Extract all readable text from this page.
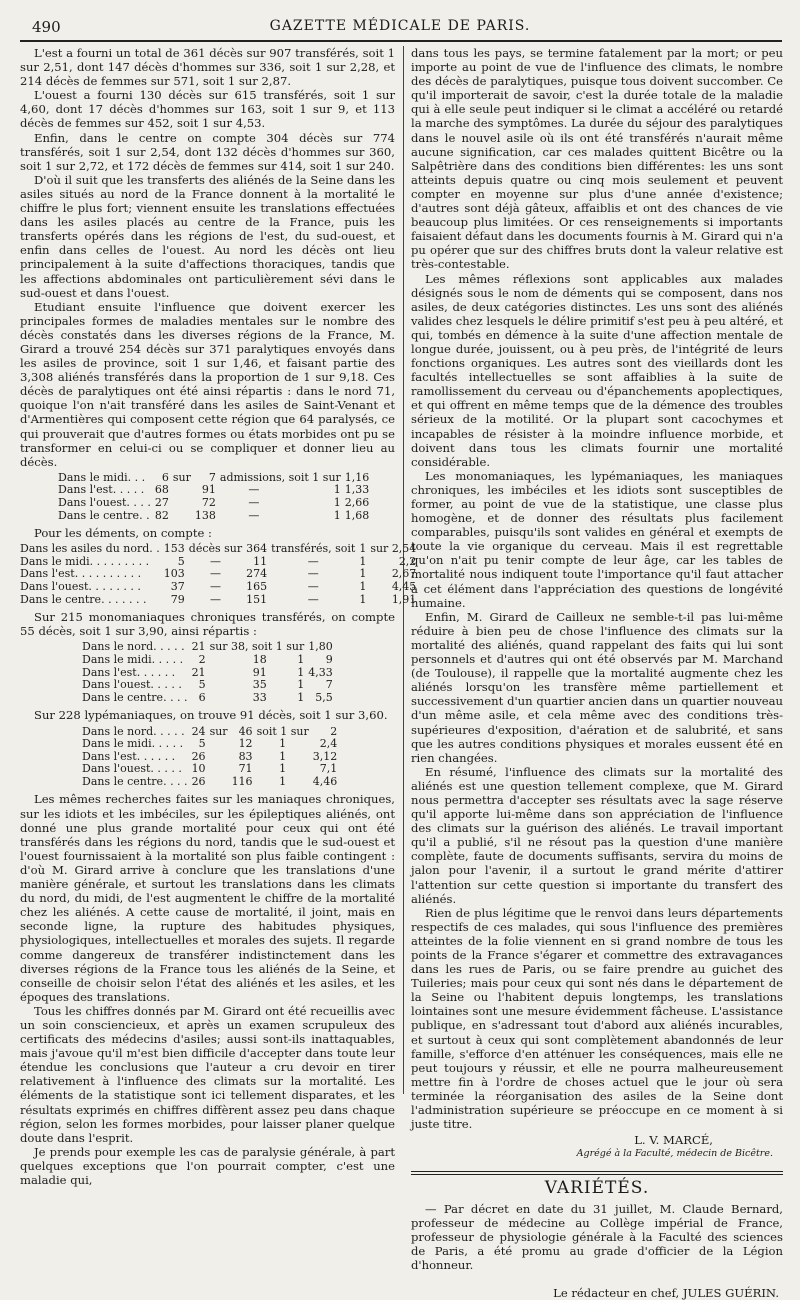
490	GAZETTE MÉDICALE DE PARIS.

L'est a fourni un total de 361 décès sur 907 transférés, soit 1 sur 2,51, dont 147 décès d'hommes sur 336, soit 1 sur 2,28, et 214 décès de femmes sur 571, soit 1 sur 2,87.

L'ouest a fourni 130 décès sur 615 transférés, soit 1 sur 4,60, dont 17 décès d'hommes sur 163, soit 1 sur 9, et 113 décès de femmes sur 452, soit 1 sur 4,53.

Enfin, dans le centre on compte 304 décès sur 774 transférés, soit 1 sur 2,54, dont 132 décès d'hommes sur 360, soit 1 sur 2,72, et 172 décès de femmes sur 414, soit 1 sur 240.

D'où il suit que les transferts des aliénés de la Seine dans les asiles situés au nord de la France donnent à la mortalité le chiffre le plus fort; viennent ensuite les translations effectuées dans les asiles placés au centre de la France, puis les transferts opérés dans les régions de l'est, du sud-ouest, et enfin dans celles de l'ouest. Au nord les décès ont lieu principalement à la suite d'affections thoraciques, tandis que les affections abdominales ont particulièrement sévi dans le sud-ouest et dans l'ouest.

Etudiant ensuite l'influence que doivent exercer les principales formes de maladies mentales sur le nombre des décès constatés dans les diverses régions de la France, M. Girard a trouvé 254 décès sur 371 paralytiques envoyés dans les asiles de province, soit 1 sur 1,46, et faisant partie des 3,308 aliénés transférés dans la proportion de 1 sur 9,18. Ces décès de paralytiques ont été ainsi répartis : dans le nord 71, quoique l'on n'ait transféré dans les asiles de Saint-Venant et d'Armentières qui composent cette région que 64 paralysés, ce qui prouverait que d'autres formes ou états morbides ont pu se transformer en celui-ci ou se compliquer et donner lieu au décès.

Dans le midi. . .	6	sur	7	admissions, soit 1 sur		1,16
Dans l'est. . . . .	68		91	—	1	1,33
Dans l'ouest. . . .	27		72	—	1	2,66
Dans le centre. .	82		138	—	1	1,68

Pour les déments, on compte :

Dans les asiles du nord. .	153	décès sur	364	transférés, soit	1	sur 2,54
Dans le midi. . . . . . . . .	5	—	11	—	1	2,2
Dans l'est. . . . . . . . . .	103	—	274	—	1	2,67
Dans l'ouest. . . . . . . .	37	—	165	—	1	4,45
Dans le centre. . . . . . .	79	—	151	—	1	1,91

Sur 215 monomaniaques chroniques transférés, on compte 55 décès, soit 1 sur 3,90, ainsi répartis :

Dans le nord. . . . .	21	sur 38, soit 1 sur		1,80
Dans le midi. . . . .	2	18	1	9
Dans l'est. . . . . .	21	91	1	4,33
Dans l'ouest. . . . .	5	35	1	7
Dans le centre. . . .	6	33	1	5,5

Sur 228 lypémaniaques, on trouve 91 décès, soit 1 sur 3,60.

Dans le nord. . . . .	24	sur	46	soit 1 sur	2
Dans le midi. . . . .	5		12	1	2,4
Dans l'est. . . . . .	26		83	1	3,12
Dans l'ouest. . . . .	10		71	1	7,1
Dans le centre. . . .	26		116	1	4,46

Les mêmes recherches faites sur les maniaques chroniques, sur les idiots et les imbéciles, sur les épileptiques aliénés, ont donné une plus grande mortalité pour ceux qui ont été transférés dans les régions du nord, tandis que le sud-ouest et l'ouest fournissaient à la mortalité son plus faible contingent : d'où M. Girard arrive à conclure que les translations d'une manière générale, et surtout les translations dans les climats du nord, du midi, de l'est augmentent le chiffre de la mortalité chez les aliénés. A cette cause de mortalité, il joint, mais en seconde ligne, la rupture des habitudes physiques, physiologiques, intellectuelles et morales des sujets. Il regarde comme dangereux de transférer indistinctement dans les diverses régions de la France tous les aliénés de la Seine, et conseille de choisir selon l'état des aliénés et les asiles, et les époques des translations.

Tous les chiffres donnés par M. Girard ont été recueillis avec un soin consciencieux, et après un examen scrupuleux des certificats des médecins d'asiles; aussi sont-ils inattaquables, mais j'avoue qu'il m'est bien difficile d'accepter dans toute leur étendue les conclusions que l'auteur a cru devoir en tirer relativement à l'influence des climats sur la mortalité. Les éléments de la statistique sont ici tellement disparates, et les résultats exprimés en chiffres diffèrent assez peu dans chaque région, selon les formes morbides, pour laisser planer quelque doute dans l'esprit.

Je prends pour exemple les cas de paralysie générale, à part quelques exceptions que l'on pourrait compter, c'est une maladie qui,

dans tous les pays, se termine fatalement par la mort; or peu importe au point de vue de l'influence des climats, le nombre des décès de paralytiques, puisque tous doivent succomber. Ce qu'il importerait de savoir, c'est la durée totale de la maladie qui à elle seule peut indiquer si le climat a accéléré ou retardé la marche des symptômes. La durée du séjour des paralytiques dans le nouvel asile où ils ont été transférés n'aurait même aucune signification, car ces malades quittent Bicêtre ou la Salpêtrière dans des conditions bien différentes: les uns sont atteints depuis quatre ou cinq mois seulement et peuvent compter en moyenne sur plus d'une année d'existence; d'autres sont déjà gâteux, affaiblis et ont des chances de vie beaucoup plus limitées. Or ces renseignements si importants faisaient défaut dans les documents fournis à M. Girard qui n'a pu opérer que sur des chiffres bruts dont la valeur relative est très-contestable.

Les mêmes réflexions sont applicables aux malades désignés sous le nom de déments qui se composent, dans nos asiles, de deux catégories distinctes. Les uns sont des aliénés valides chez lesquels le délire primitif s'est peu à peu altéré, et qui, tombés en démence à la suite d'une affection mentale de longue durée, jouissent, ou à peu près, de l'intégrité de leurs fonctions organiques. Les autres sont des vieillards dont les facultés intellectuelles se sont affaiblies à la suite de ramollissement du cerveau ou d'épanchements apoplectiques, et qui offrent en même temps que de la démence des troubles sérieux de la motilité. Or la plupart sont cacochymes et incapables de résister à la moindre influence morbide, et doivent dans tous les climats fournir une mortalité considérable.

Les monomaniaques, les lypémaniaques, les maniaques chroniques, les imbéciles et les idiots sont susceptibles de former, au point de vue de la statistique, une classe plus homogène, et de donner des résultats plus facilement comparables, puisqu'ils sont valides en général et exempts de toute la vie organique du cerveau. Mais il est regrettable qu'on n'ait pu tenir compte de leur âge, car les tables de mortalité nous indiquent toute l'importance qu'il faut attacher à cet élément dans l'appréciation des questions de longévité humaine.

Enfin, M. Girard de Cailleux ne semble-t-il pas lui-même réduire à bien peu de chose l'influence des climats sur la mortalité des aliénés, quand rappelant des faits qui lui sont personnels et d'autres qui ont été observés par M. Marchand (de Toulouse), il rappelle que la mortalité augmente chez les aliénés lorsqu'on les transfère même partiellement et successivement d'un quartier ancien dans un quartier nouveau d'un même asile, et cela même avec des conditions très-supérieures d'exposition, d'aération et de salubrité, et sans que les autres conditions physiques et morales eussent été en rien changées.

En résumé, l'influence des climats sur la mortalité des aliénés est une question tellement complexe, que M. Girard nous permettra d'accepter ses résultats avec la sage réserve qu'il apporte lui-même dans son appréciation de l'influence des climats sur la guérison des aliénés. Le travail important qu'il a publié, s'il ne résout pas la question d'une manière complète, faute de documents suffisants, servira du moins de jalon pour l'avenir, il a surtout le grand mérite d'attirer l'attention sur cette question si importante du transfert des aliénés.

Rien de plus légitime que le renvoi dans leurs départements respectifs de ces malades, qui sous l'influence des premières atteintes de la folie viennent en si grand nombre de tous les points de la France s'égarer et commettre des extravagances dans les rues de Paris, ou se faire prendre au guichet des Tuileries; mais pour ceux qui sont nés dans le département de la Seine ou l'habitent depuis longtemps, les translations lointaines sont une mesure évidemment fâcheuse. L'assistance publique, en s'adressant tout d'abord aux aliénés incurables, et surtout à ceux qui sont complètement abandonnés de leur famille, s'efforce d'en atténuer les conséquences, mais elle ne peut toujours y réussir, et elle ne pourra malheureusement mettre fin à l'ordre de choses actuel que le jour où sera terminée la réorganisation des asiles de la Seine dont l'administration supérieure se préoccupe en ce moment à si juste titre.

L. V. MARCÉ,
Agrégé à la Faculté, médecin de Bicêtre.
VARIÉTÉS.

— Par décret en date du 31 juillet, M. Claude Bernard, professeur de médecine au Collège impérial de France, professeur de physiologie générale à la Faculté des sciences de Paris, a été promu au grade d'officier de la Légion d'honneur.

Le rédacteur en chef, JULES GUÉRIN.
